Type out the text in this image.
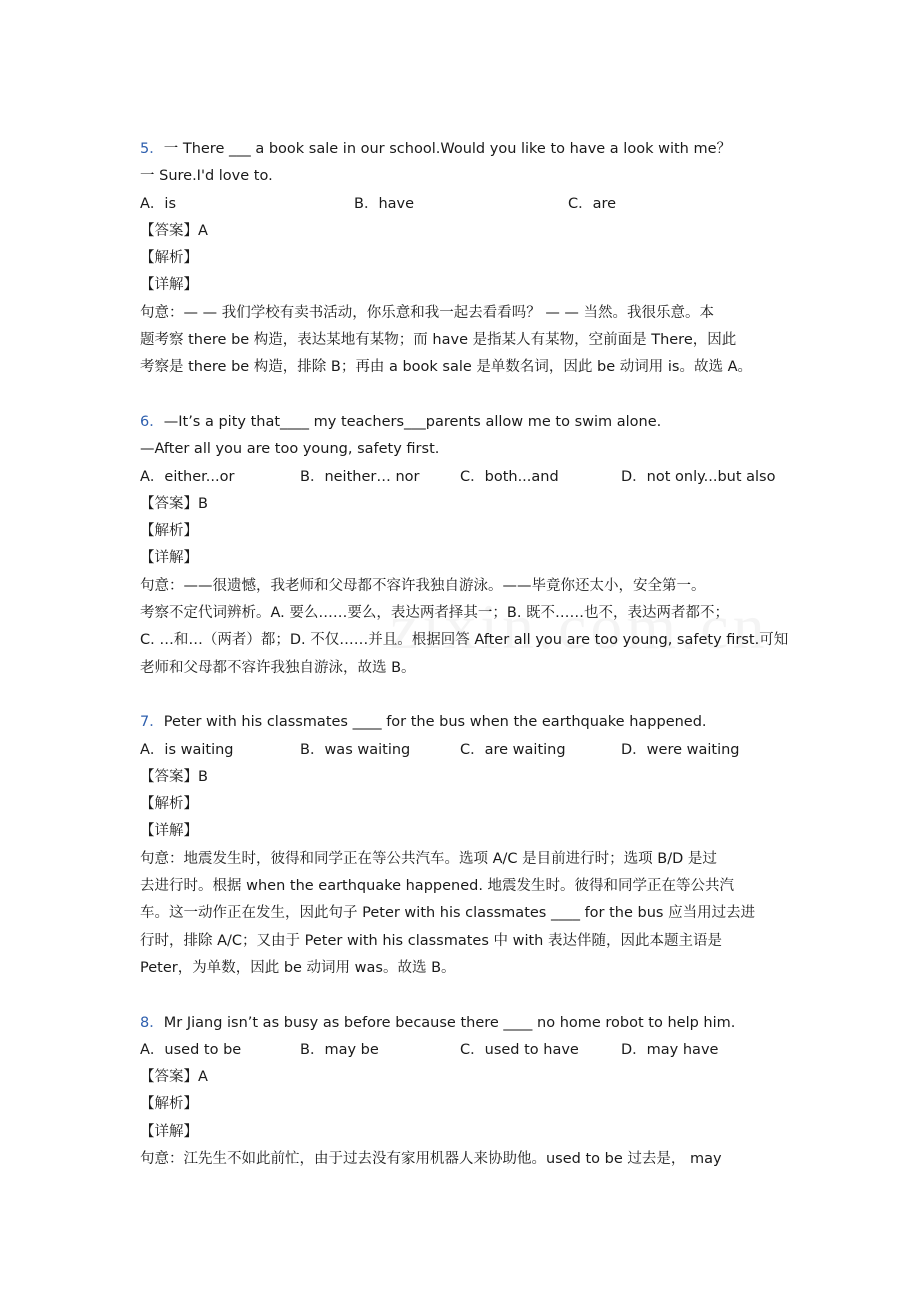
5．一 There ___ a book sale in our school.Would you like to have a look with me？
一 Sure.I'd love to.
A．is	B．have	C．are
【答案】A
【解析】
【详解】
句意：— — 我们学校有卖书活动，你乐意和我一起去看看吗？ — — 当然。我很乐意。本
题考察 there be 构造，表达某地有某物；而 have 是指某人有某物，空前面是 There，因此
考察是 there be 构造，排除 B；再由 a book sale 是单数名词，因此 be 动词用 is。故选 A。
6．—It’s a pity that____ my teachers___parents allow me to swim alone.
—After all you are too young, safety first.
A．either...or	B．neither… nor	C．both...and	D．not only...but also
【答案】B
【解析】
【详解】
句意：——很遗憾，我老师和父母都不容许我独自游泳。——毕竟你还太小，安全第一。
考察不定代词辨析。A. 要么……要么，表达两者择其一；B. 既不……也不，表达两者都不；
C. …和…（两者）都；D. 不仅……并且。根据回答 After all you are too young, safety first.可知
老师和父母都不容许我独自游泳，故选 B。
7．Peter with his classmates ____ for the bus when the earthquake happened.
A．is waiting	B．was waiting	C．are waiting	D．were waiting
【答案】B
【解析】
【详解】
句意：地震发生时，彼得和同学正在等公共汽车。选项 A/C 是目前进行时；选项 B/D 是过
去进行时。根据 when the earthquake happened. 地震发生时。彼得和同学正在等公共汽
车。这一动作正在发生，因此句子 Peter with his classmates ____ for the bus 应当用过去进
行时，排除 A/C；又由于 Peter with his classmates 中 with 表达伴随，因此本题主语是
Peter，为单数，因此 be 动词用 was。故选 B。
8．Mr Jiang isn’t as busy as before because there ____ no home robot to help him.
A．used to be	B．may be	C．used to have	D．may have
【答案】A
【解析】
【详解】
句意：江先生不如此前忙，由于过去没有家用机器人来协助他。used to be 过去是， may
